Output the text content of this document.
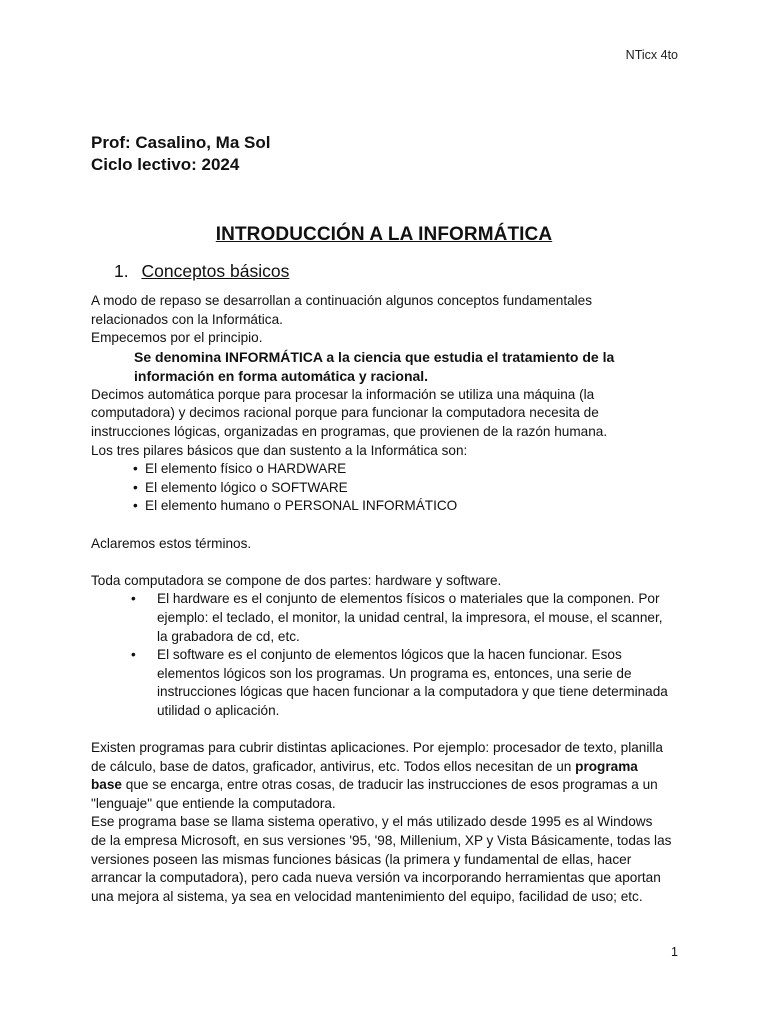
NTicx 4to
Prof: Casalino, Ma Sol
Ciclo lectivo: 2024
INTRODUCCIÓN A LA INFORMÁTICA
1. Conceptos básicos

A modo de repaso se desarrollan a continuación algunos conceptos fundamentales

relacionados con la Informática.

Empecemos por el principio.

Se denomina INFORMÁTICA a la ciencia que estudia el tratamiento de la

información en forma automática y racional.

Decimos automática porque para procesar la información se utiliza una máquina (la

computadora) y decimos racional porque para funcionar la computadora necesita de

instrucciones lógicas, organizadas en programas, que provienen de la razón humana.

Los tres pilares básicos que dan sustento a la Informática son:

• El elemento físico o HARDWARE
• El elemento lógico o SOFTWARE
• El elemento humano o PERSONAL INFORMÁTICO

Aclaremos estos términos.

Toda computadora se compone de dos partes: hardware y software.

• El hardware es el conjunto de elementos físicos o materiales que la componen. Por
ejemplo: el teclado, el monitor, la unidad central, la impresora, el mouse, el scanner,
la grabadora de cd, etc.
• El software es el conjunto de elementos lógicos que la hacen funcionar. Esos
elementos lógicos son los programas. Un programa es, entonces, una serie de
instrucciones lógicas que hacen funcionar a la computadora y que tiene determinada
utilidad o aplicación.

Existen programas para cubrir distintas aplicaciones. Por ejemplo: procesador de texto, planilla

de cálculo, base de datos, graficador, antivirus, etc. Todos ellos necesitan de un programa

base que se encarga, entre otras cosas, de traducir las instrucciones de esos programas a un

"lenguaje" que entiende la computadora.

Ese programa base se llama sistema operativo, y el más utilizado desde 1995 es al Windows

de la empresa Microsoft, en sus versiones '95, '98, Millenium, XP y Vista Básicamente, todas las

versiones poseen las mismas funciones básicas (la primera y fundamental de ellas, hacer

arrancar la computadora), pero cada nueva versión va incorporando herramientas que aportan

una mejora al sistema, ya sea en velocidad mantenimiento del equipo, facilidad de uso; etc.

1
